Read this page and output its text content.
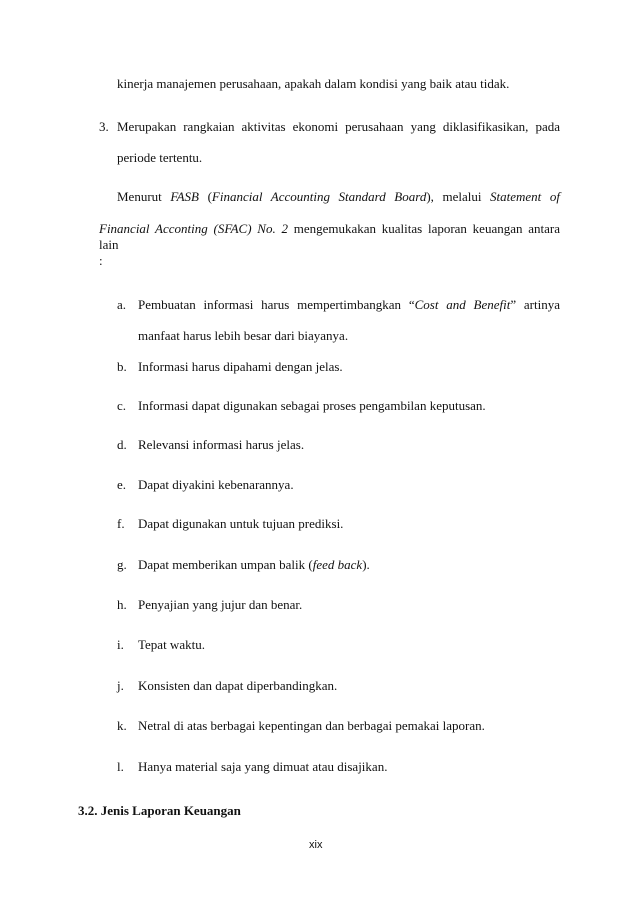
kinerja manajemen perusahaan, apakah dalam kondisi yang baik atau tidak.
3. Merupakan rangkaian aktivitas ekonomi perusahaan yang diklasifikasikan, pada
periode tertentu.
Menurut FASB (Financial Accounting Standard Board), melalui Statement of
Financial Acconting (SFAC) No. 2 mengemukakan kualitas laporan keuangan antara lain
:
a. Pembuatan informasi harus mempertimbangkan “Cost and Benefit” artinya
manfaat harus lebih besar dari biayanya.
b. Informasi harus dipahami dengan jelas.
c. Informasi dapat digunakan sebagai proses pengambilan keputusan.
d. Relevansi informasi harus jelas.
e. Dapat diyakini kebenarannya.
f. Dapat digunakan untuk tujuan prediksi.
g. Dapat memberikan umpan balik (feed back).
h. Penyajian yang jujur dan benar.
i. Tepat waktu.
j. Konsisten dan dapat diperbandingkan.
k. Netral di atas berbagai kepentingan dan berbagai pemakai laporan.
l. Hanya material saja yang dimuat atau disajikan.
3.2. Jenis Laporan Keuangan
xix
